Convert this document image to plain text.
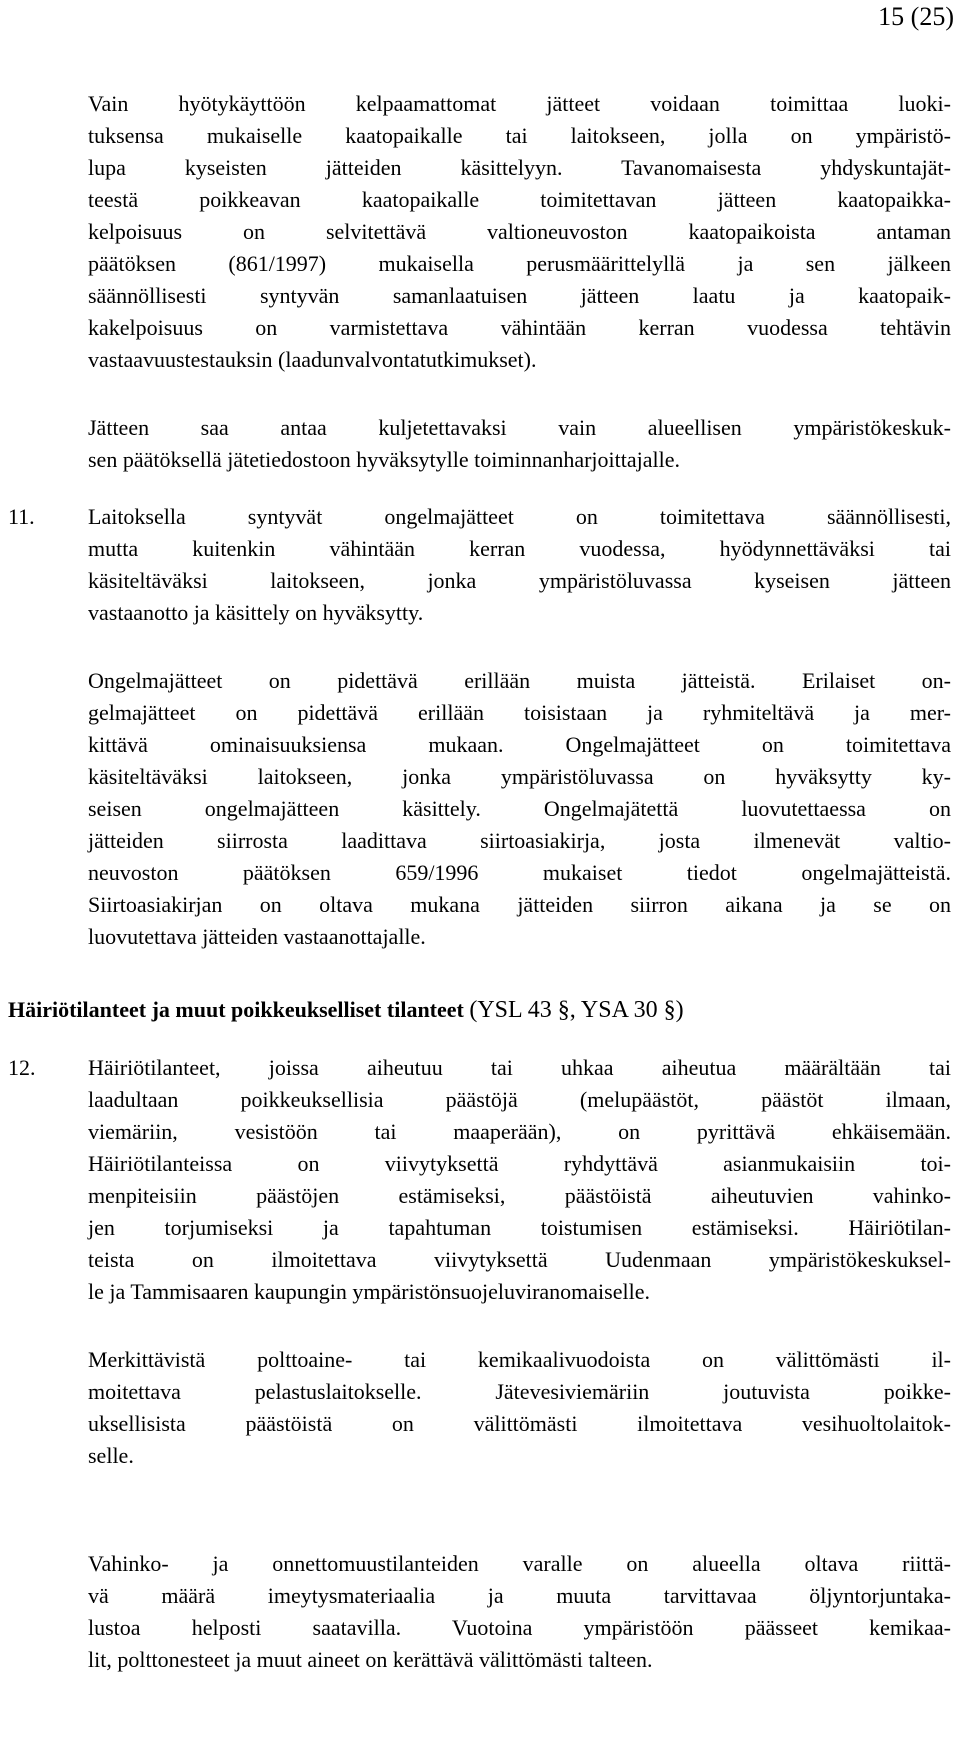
15 (25)
Vain hyötykäyttöön kelpaamattomat jätteet voidaan toimittaa luoki-
tuksensa mukaiselle kaatopaikalle tai laitokseen, jolla on ympäristö-
lupa kyseisten jätteiden käsittelyyn. Tavanomaisesta yhdyskuntajät-
teestä poikkeavan kaatopaikalle toimitettavan jätteen kaatopaikka-
kelpoisuus on selvitettävä valtioneuvoston kaatopaikoista antaman
päätöksen (861/1997) mukaisella perusmäärittelyllä ja sen jälkeen
säännöllisesti syntyvän samanlaatuisen jätteen laatu ja kaatopaik-
kakelpoisuus on varmistettava vähintään kerran vuodessa tehtävin
vastaavuustestauksin (laadunvalvontatutkimukset).
Jätteen saa antaa kuljetettavaksi vain alueellisen ympäristökeskuk-
sen päätöksellä jätetiedostoon hyväksytylle toiminnanharjoittajalle.
11. Laitoksella syntyvät ongelmajätteet on toimitettava säännöllisesti,
mutta kuitenkin vähintään kerran vuodessa, hyödynnettäväksi tai
käsiteltäväksi laitokseen, jonka ympäristöluvassa kyseisen jätteen
vastaanotto ja käsittely on hyväksytty.
Ongelmajätteet on pidettävä erillään muista jätteistä. Erilaiset on-
gelmajätteet on pidettävä erillään toisistaan ja ryhmiteltävä ja mer-
kittävä ominaisuuksiensa mukaan. Ongelmajätteet on toimitettava
käsiteltäväksi laitokseen, jonka ympäristöluvassa on hyväksytty ky-
seisen ongelmajätteen käsittely. Ongelmajätettä luovutettaessa on
jätteiden siirrosta laadittava siirtoasiakirja, josta ilmenevät valtio-
neuvoston päätöksen 659/1996 mukaiset tiedot ongelmajätteistä.
Siirtoasiakirjan on oltava mukana jätteiden siirron aikana ja se on
luovutettava jätteiden vastaanottajalle.
Häiriötilanteet ja muut poikkeukselliset tilanteet (YSL 43 §, YSA 30 §)
12. Häiriötilanteet, joissa aiheutuu tai uhkaa aiheutua määrältään tai
laadultaan poikkeuksellisia päästöjä (melupäästöt, päästöt ilmaan,
viemäriin, vesistöön tai maaperään), on pyrittävä ehkäisemään.
Häiriötilanteissa on viivytyksettä ryhdyttävä asianmukaisiin toi-
menpiteisiin päästöjen estämiseksi, päästöistä aiheutuvien vahinko-
jen torjumiseksi ja tapahtuman toistumisen estämiseksi. Häiriötilan-
teista on ilmoitettava viivytyksettä Uudenmaan ympäristökeskuksel-
le ja Tammisaaren kaupungin ympäristönsuojeluviranomaiselle.
Merkittävistä polttoaine- tai kemikaalivuodoista on välittömästi il-
moitettava pelastuslaitokselle. Jätevesiviemäriin joutuvista poikke-
uksellisista päästöistä on välittömästi ilmoitettava vesihuoltolaitok-
selle.
Vahinko- ja onnettomuustilanteiden varalle on alueella oltava riittä-
vä määrä imeytysmateriaalia ja muuta tarvittavaa öljyntorjuntaka-
lustoa helposti saatavilla. Vuotoina ympäristöön päässeet kemikaa-
lit, polttonesteet ja muut aineet on kerättävä välittömästi talteen.
